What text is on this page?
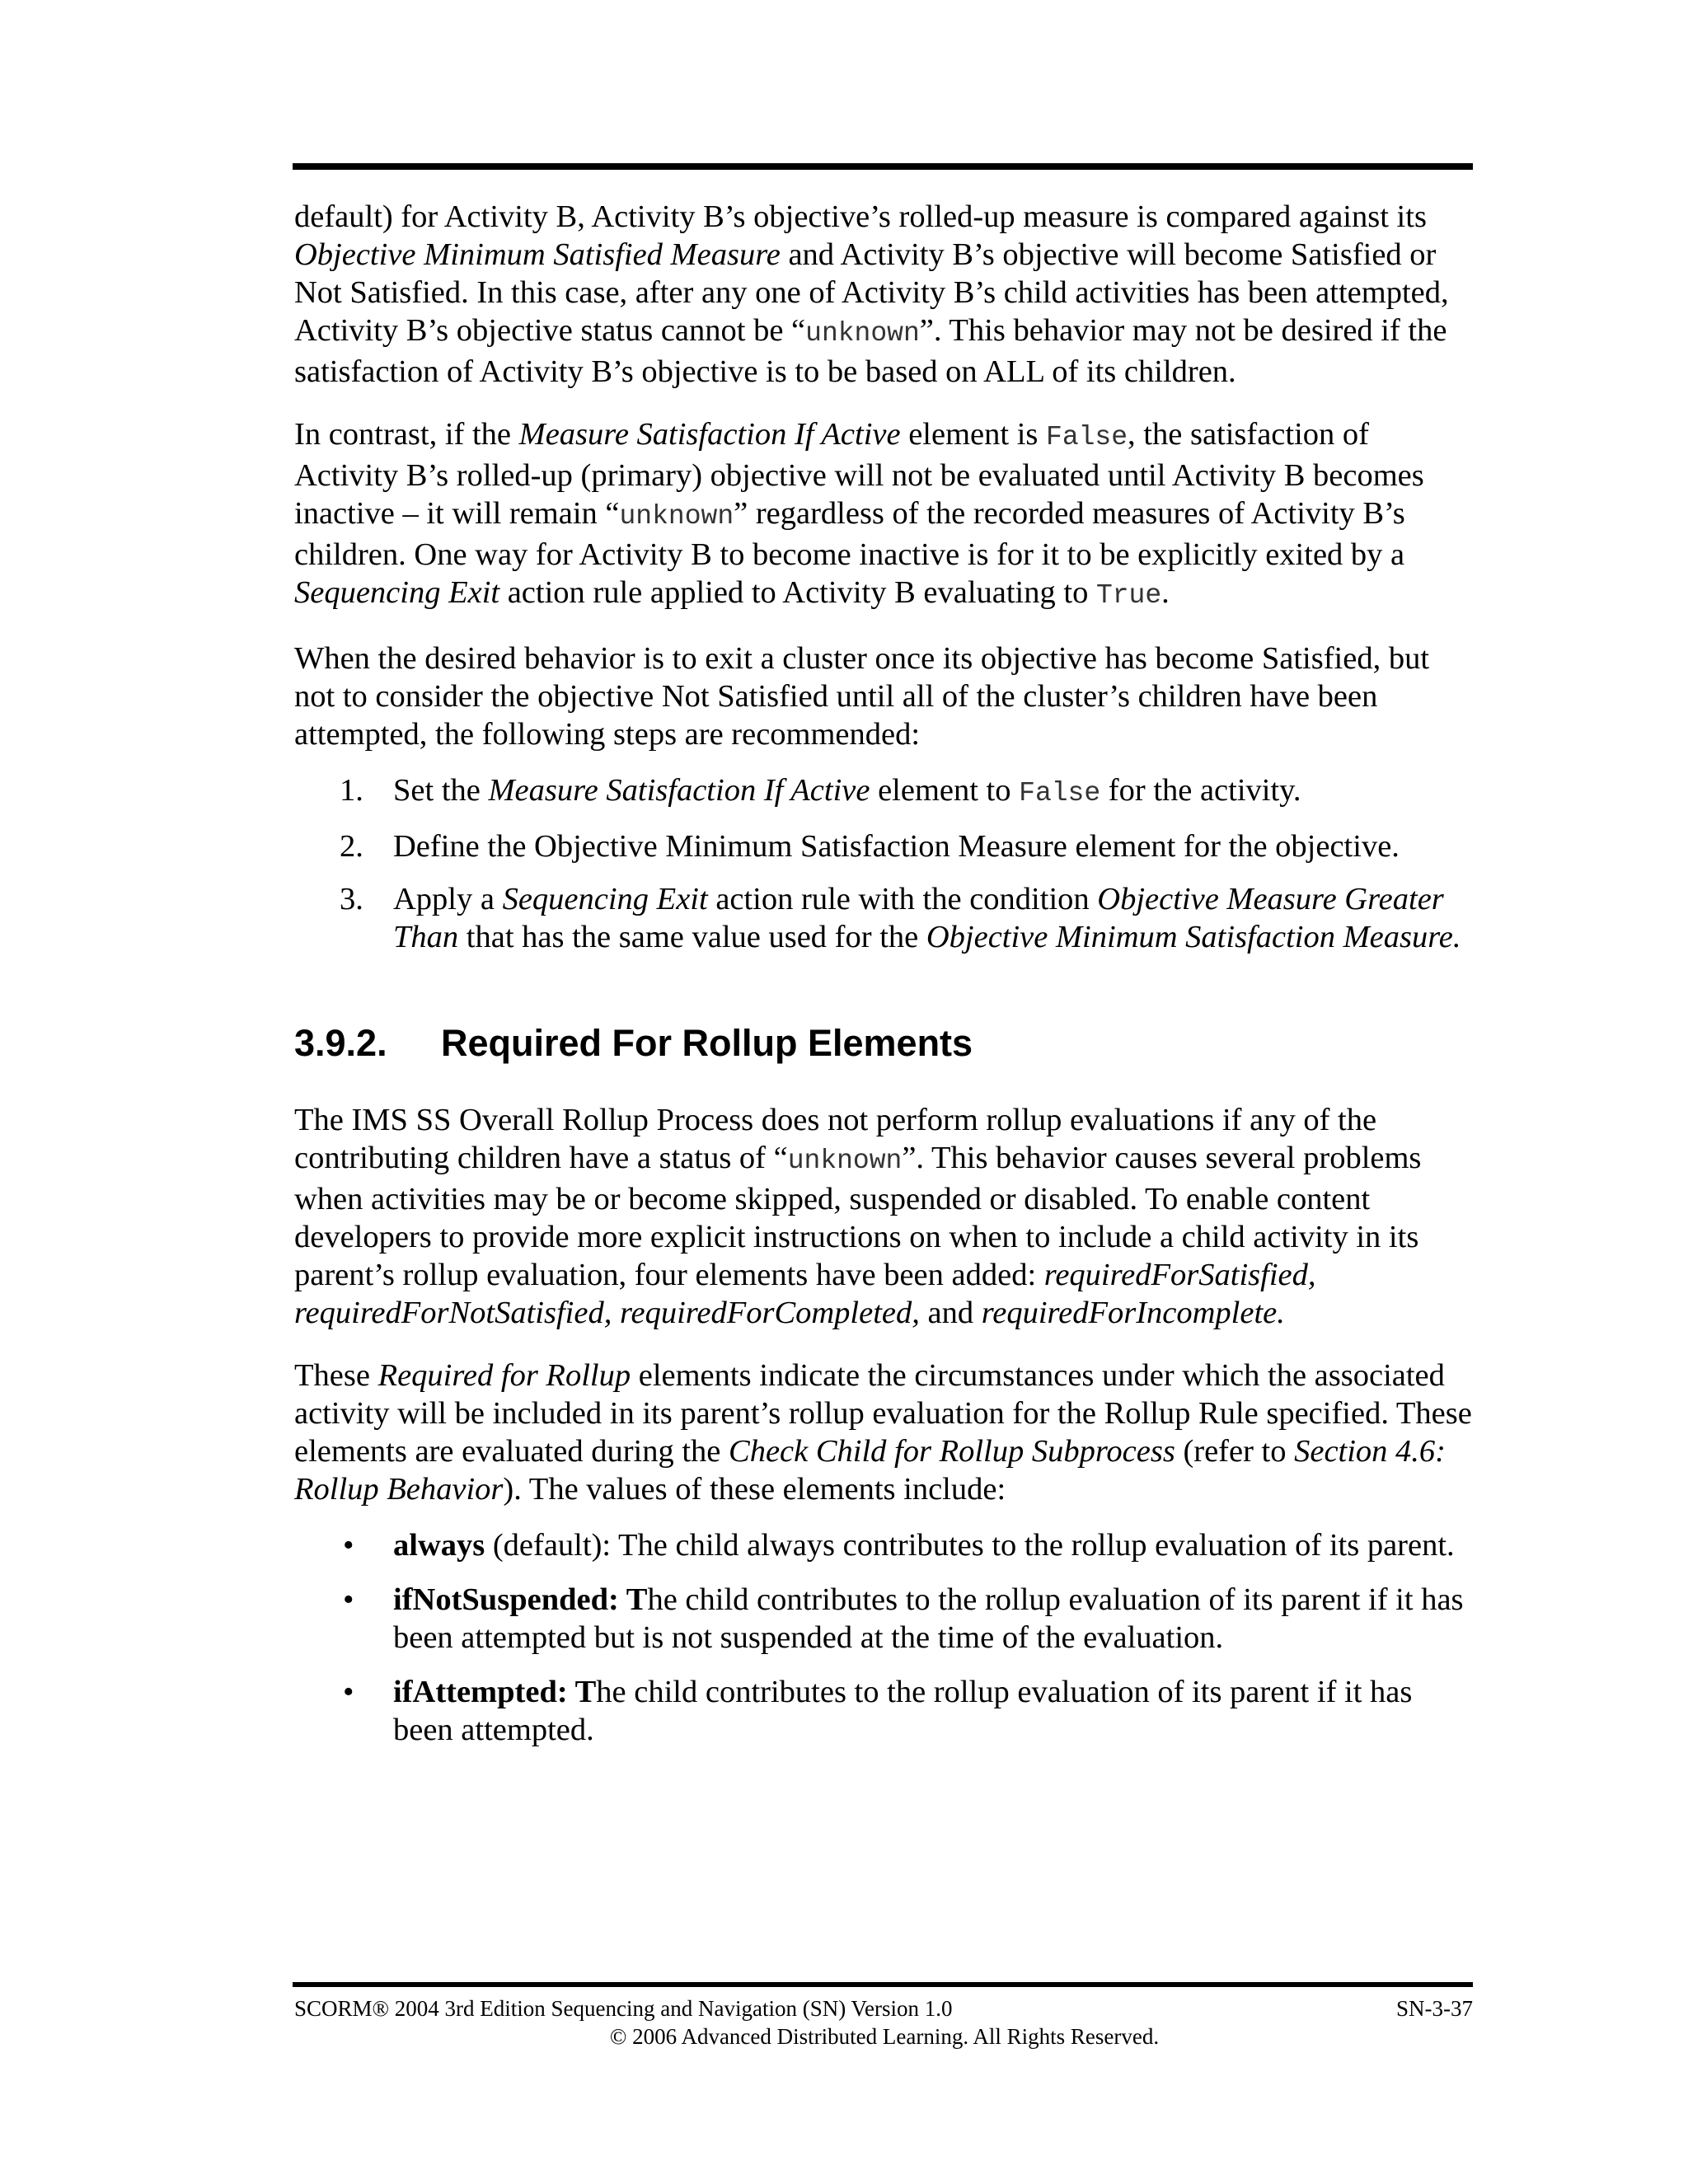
default) for Activity B, Activity B’s objective’s rolled-up measure is compared against its Objective Minimum Satisfied Measure and Activity B’s objective will become Satisfied or Not Satisfied. In this case, after any one of Activity B’s child activities has been attempted, Activity B’s objective status cannot be “unknown”. This behavior may not be desired if the satisfaction of Activity B’s objective is to be based on ALL of its children.

In contrast, if the Measure Satisfaction If Active element is False, the satisfaction of Activity B’s rolled-up (primary) objective will not be evaluated until Activity B becomes inactive – it will remain “unknown” regardless of the recorded measures of Activity B’s children. One way for Activity B to become inactive is for it to be explicitly exited by a Sequencing Exit action rule applied to Activity B evaluating to True.

When the desired behavior is to exit a cluster once its objective has become Satisfied, but not to consider the objective Not Satisfied until all of the cluster’s children have been attempted, the following steps are recommended:

1. Set the Measure Satisfaction If Active element to False for the activity.
2. Define the Objective Minimum Satisfaction Measure element for the objective.
3. Apply a Sequencing Exit action rule with the condition Objective Measure Greater Than that has the same value used for the Objective Minimum Satisfaction Measure.
3.9.2. Required For Rollup Elements

The IMS SS Overall Rollup Process does not perform rollup evaluations if any of the contributing children have a status of “unknown”. This behavior causes several problems when activities may be or become skipped, suspended or disabled. To enable content developers to provide more explicit instructions on when to include a child activity in its parent’s rollup evaluation, four elements have been added: requiredForSatisfied, requiredForNotSatisfied, requiredForCompleted, and requiredForIncomplete.

These Required for Rollup elements indicate the circumstances under which the associated activity will be included in its parent’s rollup evaluation for the Rollup Rule specified. These elements are evaluated during the Check Child for Rollup Subprocess (refer to Section 4.6: Rollup Behavior). The values of these elements include:

• always (default): The child always contributes to the rollup evaluation of its parent.
• ifNotSuspended: The child contributes to the rollup evaluation of its parent if it has been attempted but is not suspended at the time of the evaluation.
• ifAttempted: The child contributes to the rollup evaluation of its parent if it has been attempted.
SCORM® 2004 3rd Edition Sequencing and Navigation (SN) Version 1.0	SN-3-37
© 2006 Advanced Distributed Learning. All Rights Reserved.
